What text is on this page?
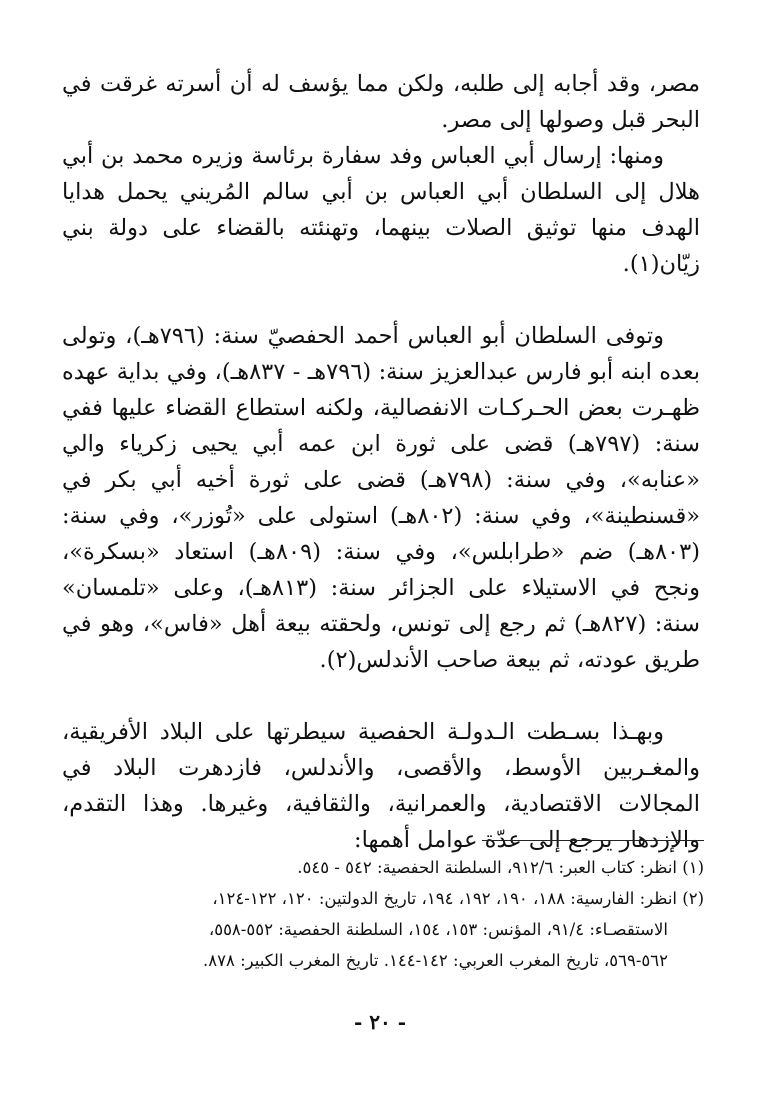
مصر، وقد أجابه إلى طلبه، ولكن مما يؤسف له أن أسرته غرقت في البحر قبل وصولها إلى مصر.

ومنها: إرسال أبي العباس وفد سفارة برئاسة وزيره محمد بن أبي هلال إلى السلطان أبي العباس بن أبي سالم المُريني يحمل هدايا الهدف منها توثيق الصلات بينهما، وتهنئته بالقضاء على دولة بني زيّان(١).

وتوفى السلطان أبو العباس أحمد الحفصيّ سنة: (٧٩٦هـ)، وتولى بعده ابنه أبو فارس عبدالعزيز سنة: (٧٩٦هـ - ٨٣٧هـ)، وفي بداية عهده ظهـرت بعض الحـركـات الانفصالية، ولكنه استطاع القضاء عليها ففي سنة: (٧٩٧هـ) قضى على ثورة ابن عمه أبي يحيى زكرياء والي «عنابه»، وفي سنة: (٧٩٨هـ) قضى على ثورة أخيه أبي بكر في «قسنطينة»، وفي سنة: (٨٠٢هـ) استولى على «تُوزر»، وفي سنة: (٨٠٣هـ) ضم «طرابلس»، وفي سنة: (٨٠٩هـ) استعاد «بسكرة»، ونجح في الاستيلاء على الجزائر سنة: (٨١٣هـ)، وعلى «تلمسان» سنة: (٨٢٧هـ) ثم رجع إلى تونس، ولحقته بيعة أهل «فاس»، وهو في طريق عودته، ثم بيعة صاحب الأندلس(٢).

وبهـذا بسـطت الـدولـة الحفصية سيطرتها على البلاد الأفريقية، والمغـربين الأوسط، والأقصى، والأندلس، فازدهرت البلاد في المجالات الاقتصادية، والعمرانية، والثقافية، وغيرها. وهذا التقدم، والإزدهار يرجع إلى عدّة عوامل أهمها:

(١) انظر: كتاب العبر: ٩١٢/٦، السلطنة الحفصية: ٥٤٢ - ٥٤٥.

(٢) انظر: الفارسية: ١٨٨، ١٩٠، ١٩٢، ١٩٤، تاريخ الدولتين: ١٢٠، ١٢٢-١٢٤،

الاستقصـاء: ٩١/٤، المؤنس: ١٥٣، ١٥٤، السلطنة الحفصية: ٥٥٢-٥٥٨،

٥٦٢-٥٦٩، تاريخ المغرب العربي: ١٤٢-١٤٤. تاريخ المغرب الكبير: ٨٧٨.

- ٢٠ -
